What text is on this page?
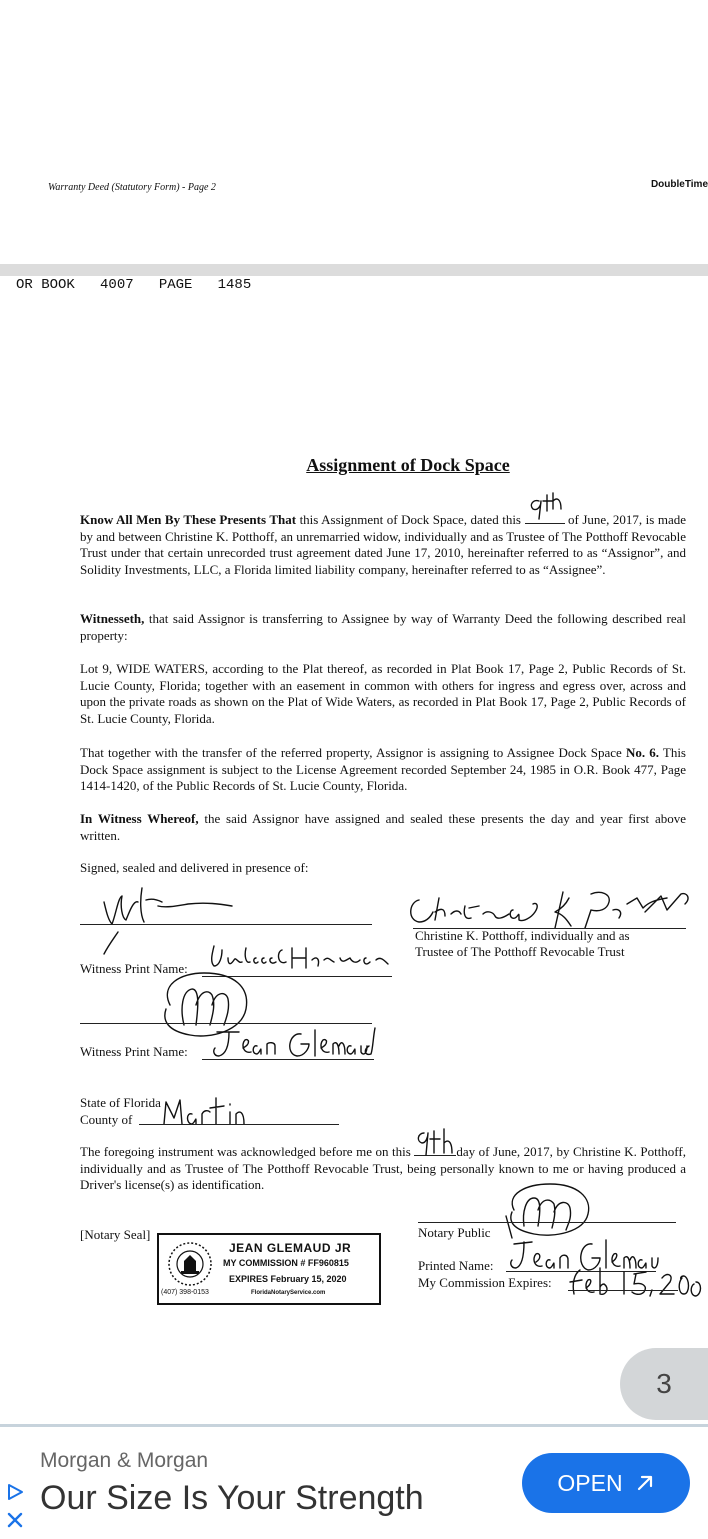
Warranty Deed (Statutory Form) - Page 2	DoubleTime
OR BOOK   4007   PAGE   1485
Assignment of Dock Space
Know All Men By These Presents That this Assignment of Dock Space, dated this	of June, 2017, is made by and between Christine K. Potthoff, an unremarried widow, individually and as Trustee of The Potthoff Revocable Trust under that certain unrecorded trust agreement dated June 17, 2010, hereinafter referred to as “Assignor”, and Solidity Investments, LLC, a Florida limited liability company, hereinafter referred to as “Assignee”.
Witnesseth, that said Assignor is transferring to Assignee by way of Warranty Deed the following described real property:
Lot 9, WIDE WATERS, according to the Plat thereof, as recorded in Plat Book 17, Page 2, Public Records of St. Lucie County, Florida; together with an easement in common with others for ingress and egress over, across and upon the private roads as shown on the Plat of Wide Waters, as recorded in Plat Book 17, Page 2, Public Records of St. Lucie County, Florida.
That together with the transfer of the referred property, Assignor is assigning to Assignee Dock Space No. 6. This Dock Space assignment is subject to the License Agreement recorded September 24, 1985 in O.R. Book 477, Page 1414-1420, of the Public Records of St. Lucie County, Florida.
In Witness Whereof, the said Assignor have assigned and sealed these presents the day and year first above written.
Signed, sealed and delivered in presence of:
Witness Print Name:
Witness Print Name:
Christine K. Potthoff, individually and as
Trustee of The Potthoff Revocable Trust
State of Florida
County of
The foregoing instrument was acknowledged before me on this	day of June, 2017, by Christine K. Potthoff, individually and as Trustee of The Potthoff Revocable Trust, being personally known to me or having produced a Driver's license(s) as identification.
[Notary Seal]
JEAN GLEMAUD JR
MY COMMISSION # FF960815
EXPIRES February 15, 2020
(407) 398-0153	FloridaNotaryService.com
Notary Public
Printed Name:
My Commission Expires:
3
Morgan & Morgan
Our Size Is Your Strength	OPEN
